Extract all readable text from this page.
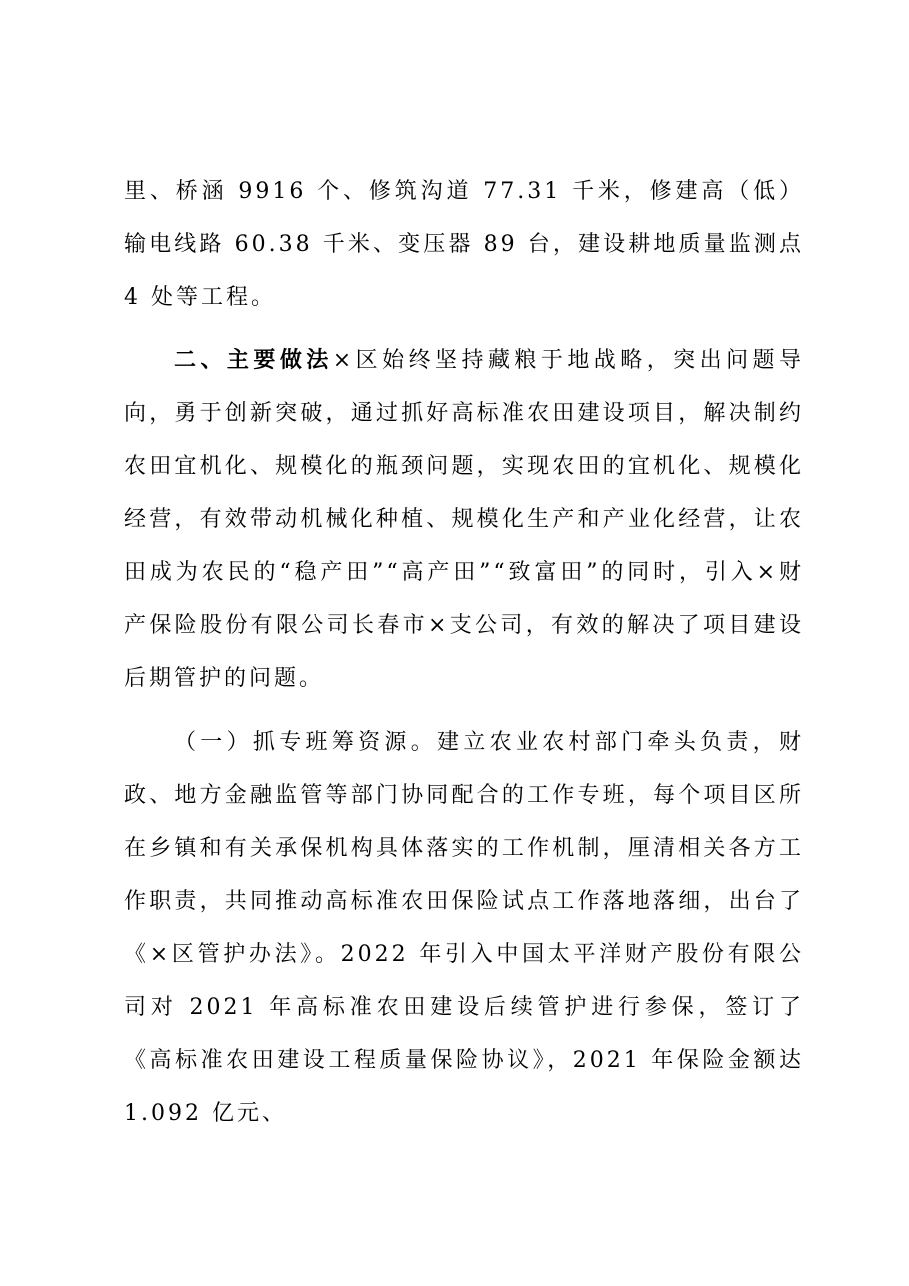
里、桥涵 9916 个、修筑沟道 77.31 千米，修建高（低）输电线路 60.38 千米、变压器 89 台，建设耕地质量监测点 4 处等工程。

二、主要做法×区始终坚持藏粮于地战略，突出问题导向，勇于创新突破，通过抓好高标准农田建设项目，解决制约农田宜机化、规模化的瓶颈问题，实现农田的宜机化、规模化经营，有效带动机械化种植、规模化生产和产业化经营，让农田成为农民的“稳产田”“高产田”“致富田”的同时，引入×财产保险股份有限公司长春市×支公司，有效的解决了项目建设后期管护的问题。

（一）抓专班筹资源。建立农业农村部门牵头负责，财政、地方金融监管等部门协同配合的工作专班，每个项目区所在乡镇和有关承保机构具体落实的工作机制，厘清相关各方工作职责，共同推动高标准农田保险试点工作落地落细，出台了《×区管护办法》。2022 年引入中国太平洋财产股份有限公司对 2021 年高标准农田建设后续管护进行参保，签订了《高标准农田建设工程质量保险协议》，2021 年保险金额达 1.092 亿元、
